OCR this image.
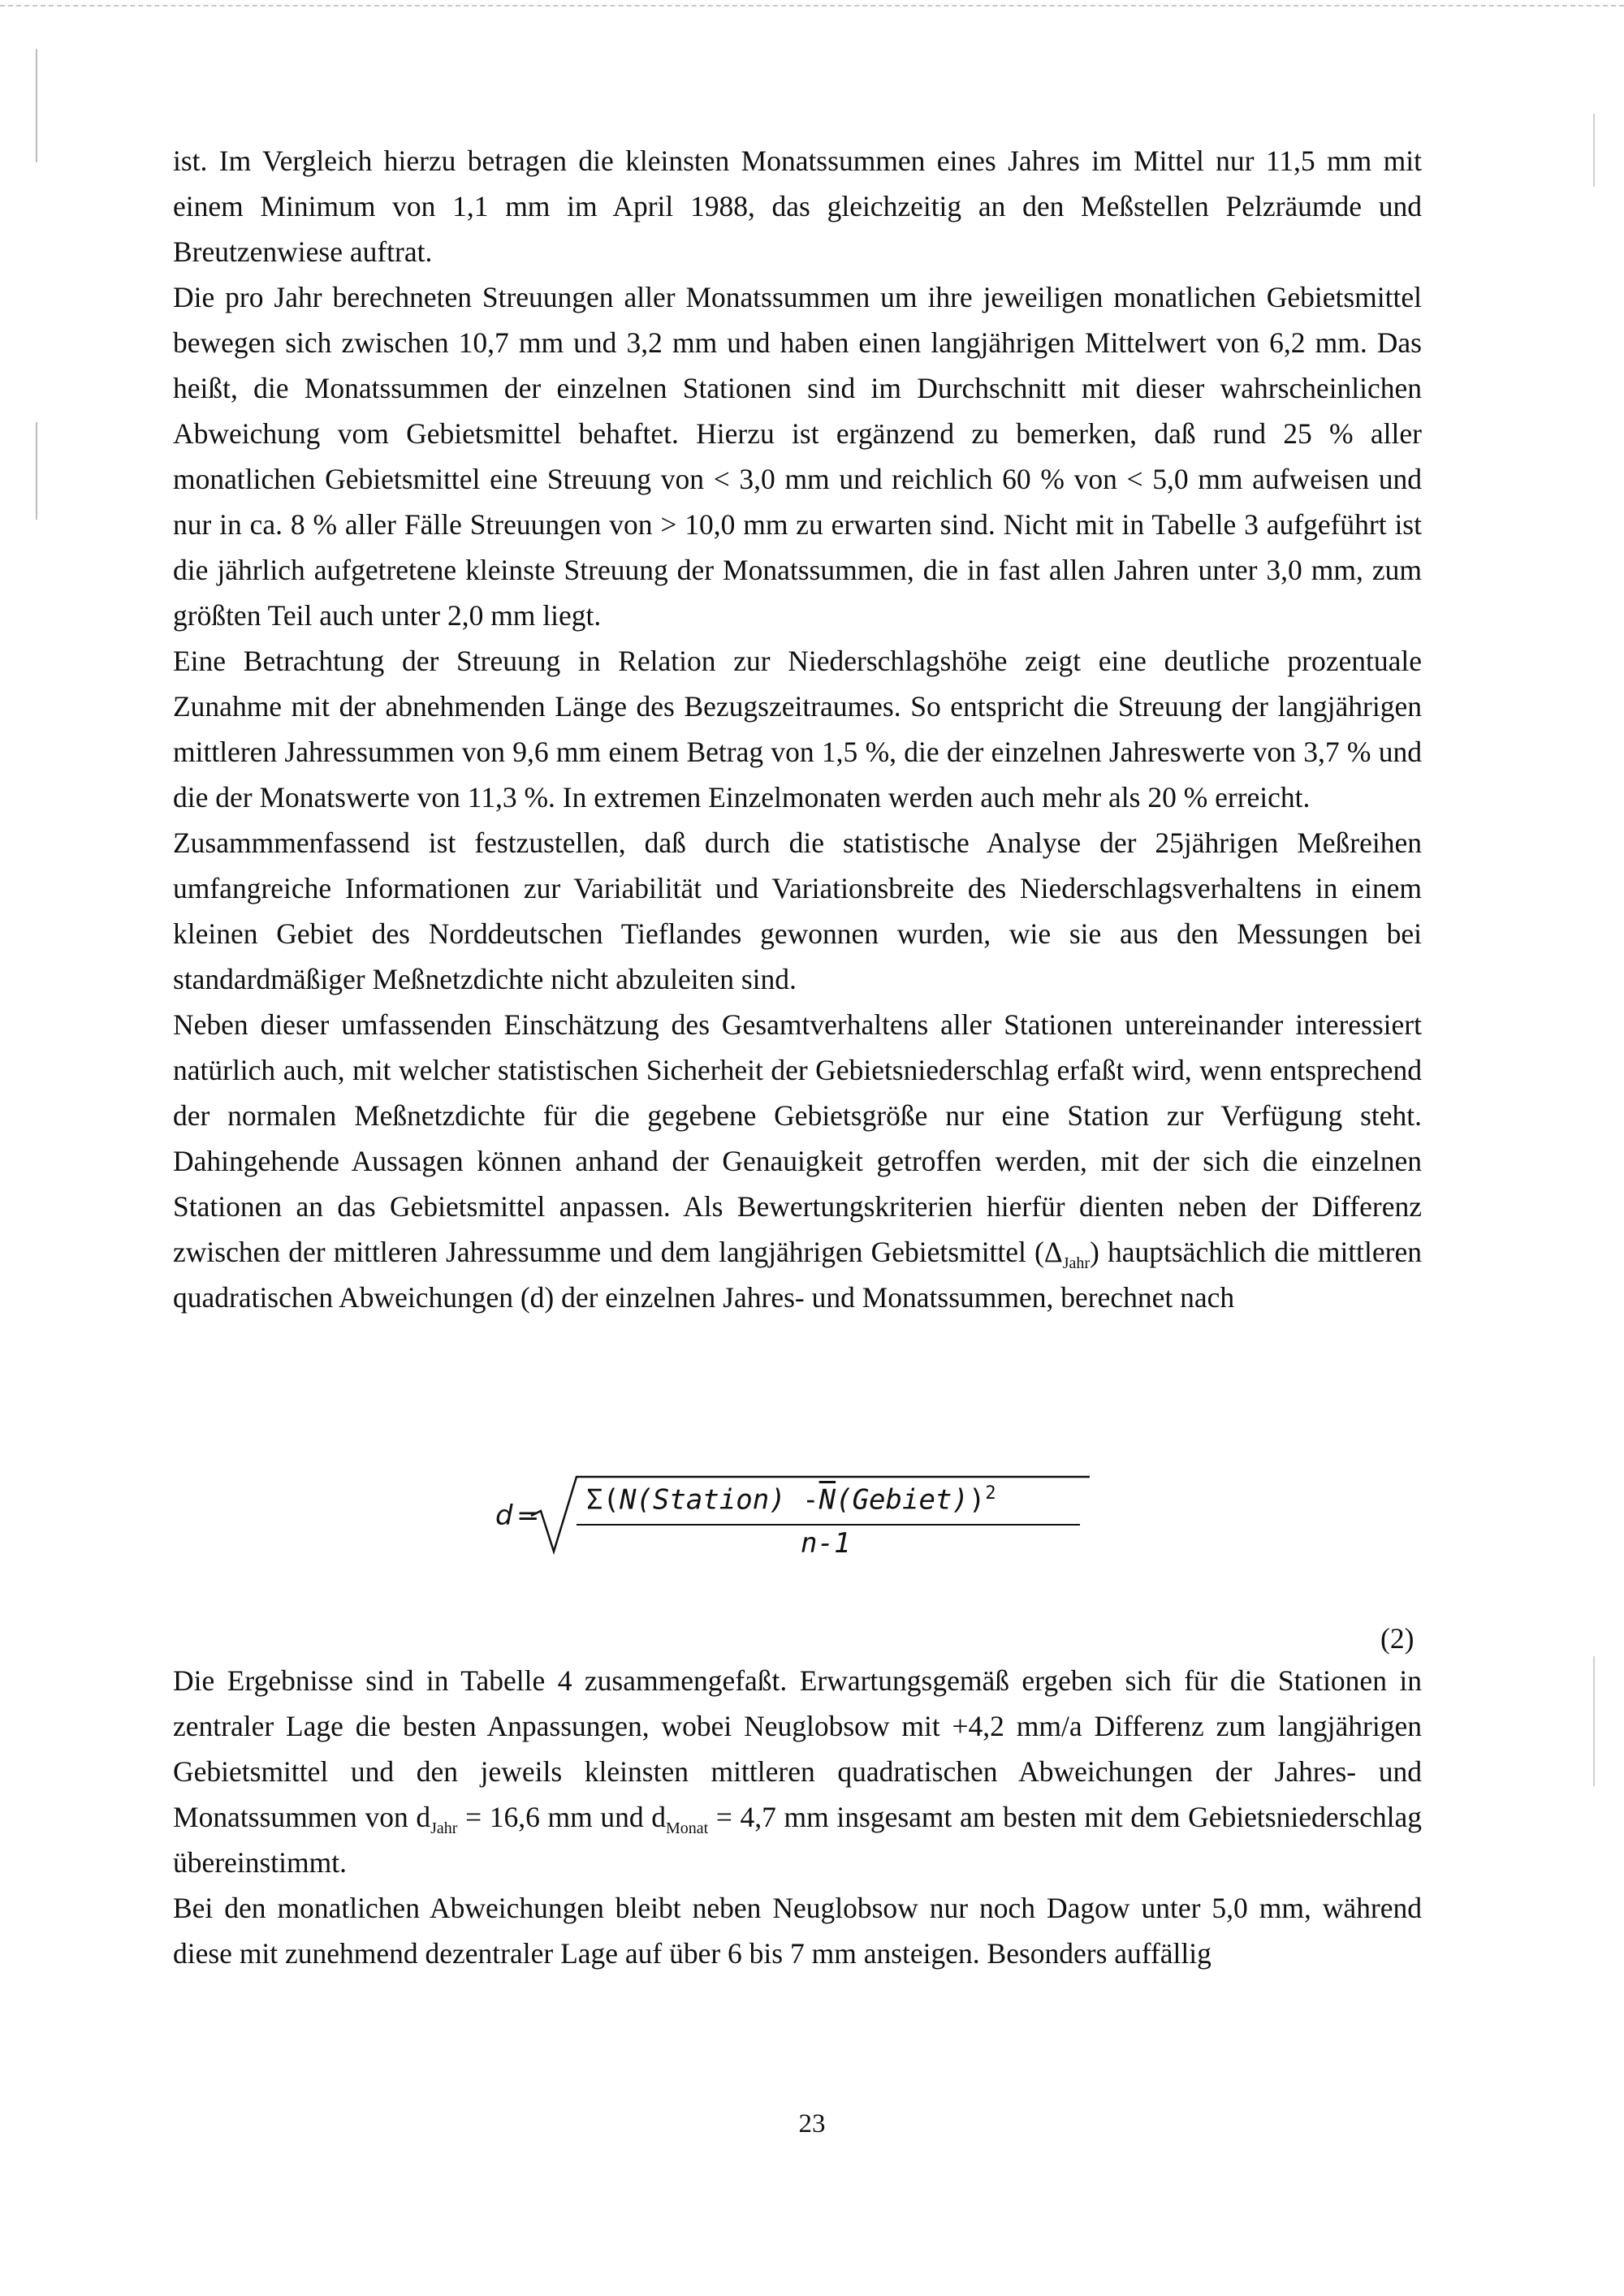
ist. Im Vergleich hierzu betragen die kleinsten Monatssummen eines Jahres im Mittel nur 11,5 mm mit einem Minimum von 1,1 mm im April 1988, das gleichzeitig an den Meßstellen Pelzräumde und Breutzenwiese auftrat.

Die pro Jahr berechneten Streuungen aller Monatssummen um ihre jeweiligen monatlichen Gebietsmittel bewegen sich zwischen 10,7 mm und 3,2 mm und haben einen langjährigen Mittelwert von 6,2 mm. Das heißt, die Monatssummen der einzelnen Stationen sind im Durchschnitt mit dieser wahrscheinlichen Abweichung vom Gebietsmittel behaftet. Hierzu ist ergänzend zu bemerken, daß rund 25 % aller monatlichen Gebietsmittel eine Streuung von < 3,0 mm und reichlich 60 % von < 5,0 mm aufweisen und nur in ca. 8 % aller Fälle Streuungen von > 10,0 mm zu erwarten sind. Nicht mit in Tabelle 3 aufgeführt ist die jährlich aufgetretene kleinste Streuung der Monatssummen, die in fast allen Jahren unter 3,0 mm, zum größten Teil auch unter 2,0 mm liegt.

Eine Betrachtung der Streuung in Relation zur Niederschlagshöhe zeigt eine deutliche prozentuale Zunahme mit der abnehmenden Länge des Bezugszeitraumes. So entspricht die Streuung der langjährigen mittleren Jahressummen von 9,6 mm einem Betrag von 1,5 %, die der einzelnen Jahreswerte von 3,7 % und die der Monatswerte von 11,3 %. In extremen Einzelmonaten werden auch mehr als 20 % erreicht.

Zusammmenfassend ist festzustellen, daß durch die statistische Analyse der 25jährigen Meßreihen umfangreiche Informationen zur Variabilität und Variationsbreite des Niederschlagsverhaltens in einem kleinen Gebiet des Norddeutschen Tieflandes gewonnen wurden, wie sie aus den Messungen bei standardmäßiger Meßnetzdichte nicht abzuleiten sind.

Neben dieser umfassenden Einschätzung des Gesamtverhaltens aller Stationen untereinander interessiert natürlich auch, mit welcher statistischen Sicherheit der Gebietsniederschlag erfaßt wird, wenn entsprechend der normalen Meßnetzdichte für die gegebene Gebietsgröße nur eine Station zur Verfügung steht. Dahingehende Aussagen können anhand der Genauigkeit getroffen werden, mit der sich die einzelnen Stationen an das Gebietsmittel anpassen. Als Bewertungskriterien hierfür dienten neben der Differenz zwischen der mittleren Jahressumme und dem langjährigen Gebietsmittel $(\Delta_{Jahr})$ hauptsächlich die mittleren quadratischen Abweichungen (d) der einzelnen Jahres- und Monatssummen, berechnet nach

d = Σ(N(Station) $-\overline{N}(Gebiet))^2$
n-1
(2)

Die Ergebnisse sind in Tabelle 4 zusammengefaßt. Erwartungsgemäß ergeben sich für die Stationen in zentraler Lage die besten Anpassungen, wobei Neuglobsow mit +4,2 mm/a Differenz zum langjährigen Gebietsmittel und den jeweils kleinsten mittleren quadratischen Abweichungen der Jahres- und Monatssummen von $d_{Jahr} = 16,6$ mm und $d_{Monat} = 4,7$ mm insgesamt am besten mit dem Gebietsniederschlag übereinstimmt.

Bei den monatlichen Abweichungen bleibt neben Neuglobsow nur noch Dagow unter 5,0 mm, während diese mit zunehmend dezentraler Lage auf über 6 bis 7 mm ansteigen. Besonders auffällig

23
